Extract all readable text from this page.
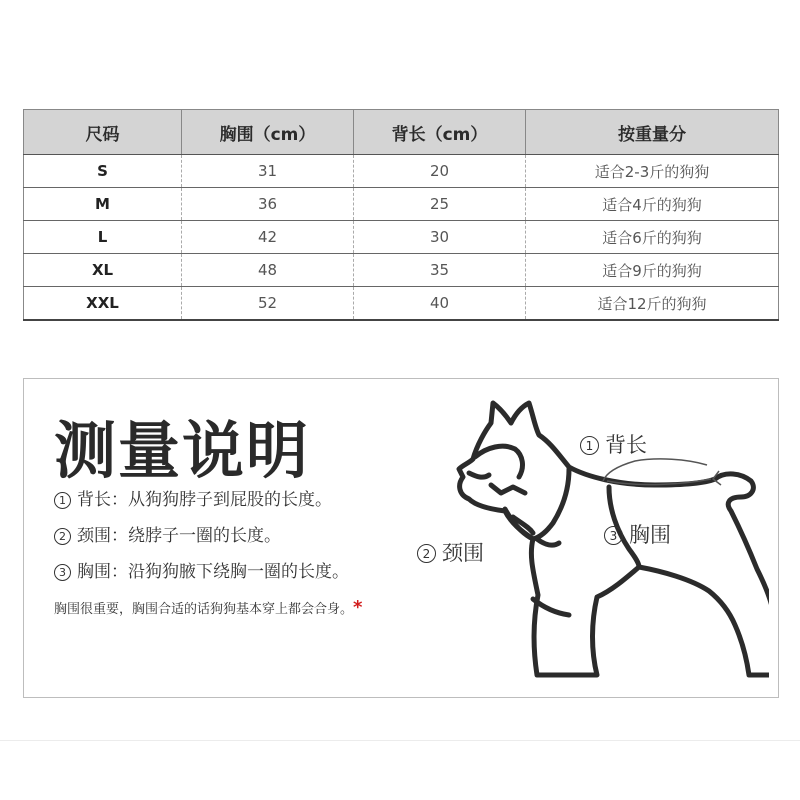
尺码	胸围（cm）	背长（cm）	按重量分
S	31	20	适合2-3斤的狗狗
M	36	25	适合4斤的狗狗
L	42	30	适合6斤的狗狗
XL	48	35	适合9斤的狗狗
XXL	52	40	适合12斤的狗狗
测量说明
1 背长：从狗狗脖子到屁股的长度。
2 颈围：绕脖子一圈的长度。
3 胸围：沿狗狗腋下绕胸一圈的长度。
胸围很重要，胸围合适的话狗狗基本穿上都会合身。*
1 背长
2 颈围
3 胸围
